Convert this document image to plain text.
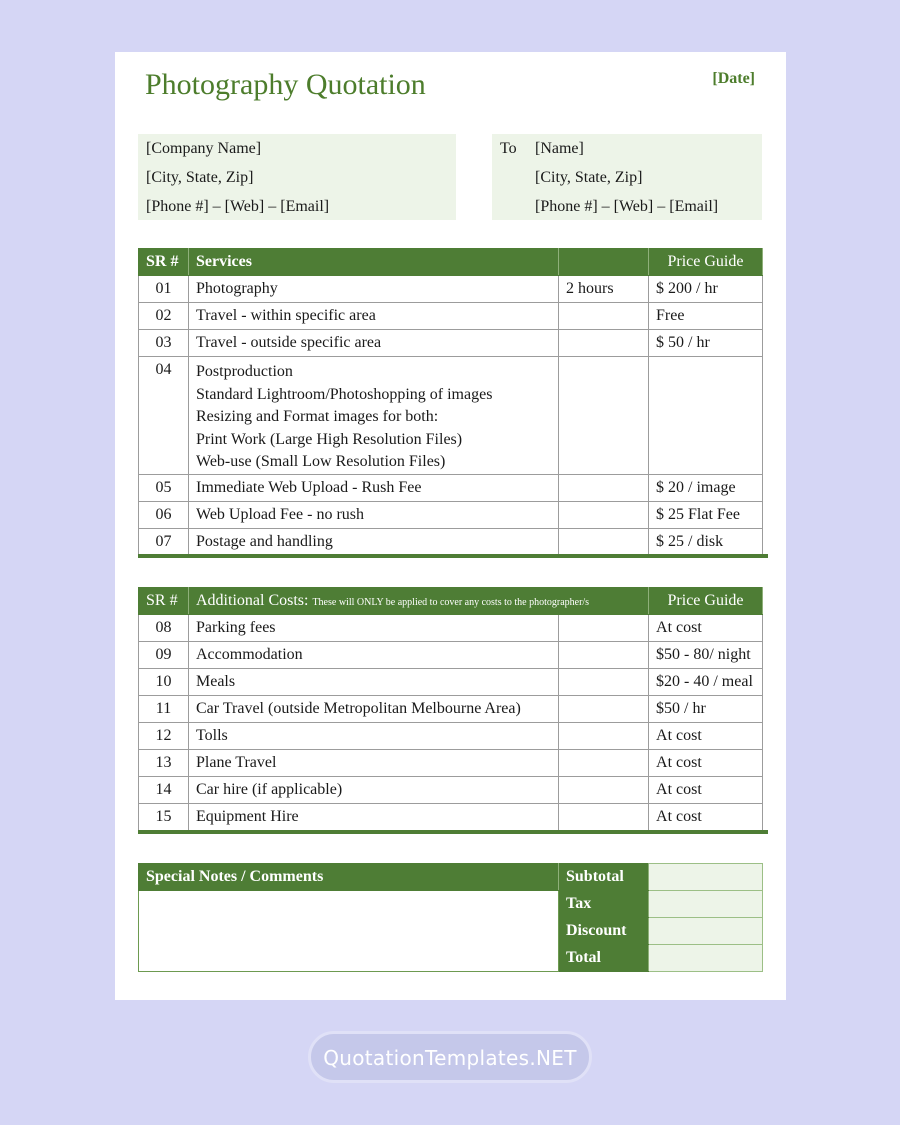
Photography Quotation	[Date]
[Company Name]
[City, State, Zip]
[Phone #] – [Web] – [Email]
To [Name]
[City, State, Zip]
[Phone #] – [Web] – [Email]
SR #	Services		Price Guide
01	Photography	2 hours	$ 200 / hr
02	Travel - within specific area		Free
03	Travel - outside specific area		$ 50 / hr
04	Postproduction
Standard Lightroom/Photoshopping of images
Resizing and Format images for both:
Print Work (Large High Resolution Files)
Web-use (Small Low Resolution Files)		

05	Immediate Web Upload - Rush Fee		$ 20 / image
06	Web Upload Fee - no rush		$ 25 Flat Fee
07	Postage and handling		$ 25 / disk
SR #	Additional Costs: These will ONLY be applied to cover any costs to the photographer/s		Price Guide
08	Parking fees		At cost
09	Accommodation		$50 - 80/ night
10	Meals		$20 - 40 / meal
11	Car Travel (outside Metropolitan Melbourne Area)		$50 / hr
12	Tolls		At cost
13	Plane Travel		At cost
14	Car hire (if applicable)		At cost
15	Equipment Hire		At cost
Special Notes / Comments	Subtotal	
	Tax	
	Discount	
	Total	
QuotationTemplates.NET
